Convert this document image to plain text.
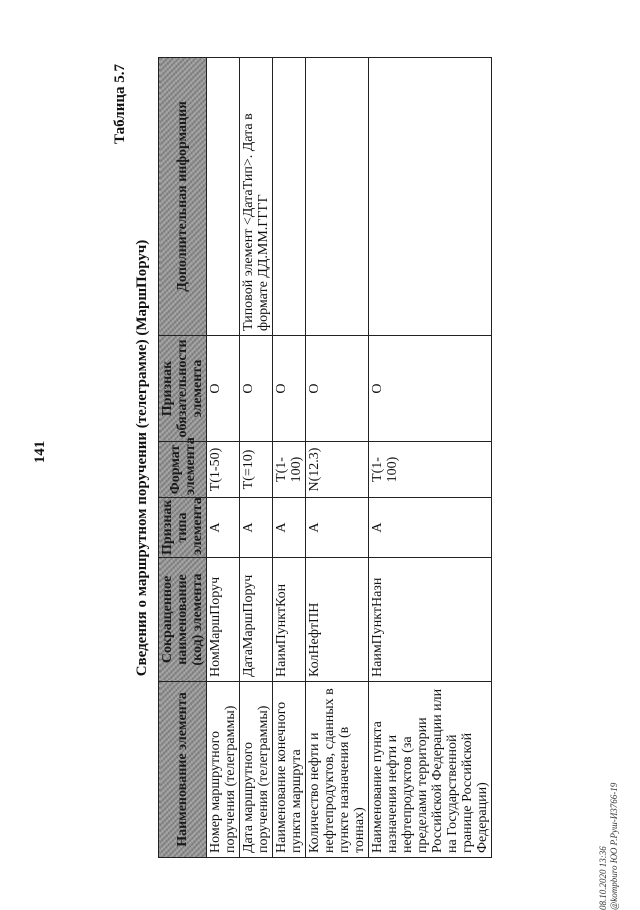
141
Таблица 5.7
Сведения о маршрутном поручении (телеграмме) (МаршПоруч)
Наименование элемента	Сокращенное наименование (код) элемента	Признак типа элемента	Формат элемента	Признак обязательности элемента	Дополнительная информация
Номер маршрутного поручения (телеграммы)	НомМаршПоруч	А	T(1-50)	О	
Дата маршрутного поручения (телеграммы)	ДатаМаршПоруч	А	T(=10)	О	Типовой элемент <ДатаТип>. Дата в формате ДД.ММ.ГГГГ
Наименование конечного пункта маршрута	НаимПунктКон	А	T(1-100)	О	
Количество нефти и нефтепродуктов, сданных в пункте назначения (в тоннах)	КолНефтПН	А	N(12.3)	О	
Наименование пункта назначения нефти и нефтепродуктов (за пределами территории Российской Федерации или на Государственной границе Российской Федерации)	НаимПунктНазн	А	T(1-100)	О	
08.10.2020 13:36 @kompburo ЮО Р.Руш-И3766-19
